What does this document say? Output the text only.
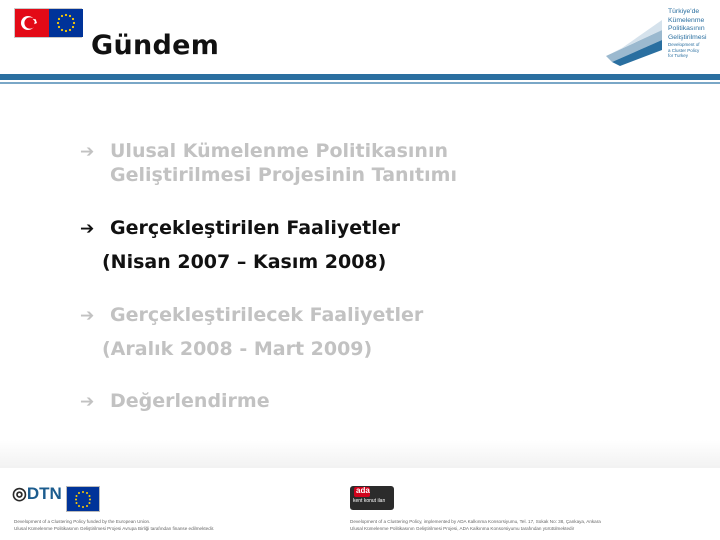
Gündem
Türkiye'de
Kümelenme
Politikasının
Geliştirilmesi
Development of
a Cluster Policy
for Turkey
➔ Ulusal Kümelenme Politikasının
Geliştirilmesi Projesinin Tanıtımı
➔ Gerçekleştirilen Faaliyetler
(Nisan 2007 – Kasım 2008)
➔ Gerçekleştirilecek Faaliyetler
(Aralık 2008 - Mart 2009)
➔ Değerlendirme
◎DTN	ada
kent konut ilan
Development of a Clustering Policy funded by the European Union.
Ulusal Kümelenme Politikasının Geliştirilmesi Projesi Avrupa Birliği tarafından finanse edilmektedir.
Development of a Clustering Policy, implemented by ADA Kalkınma Konsorsiyumu, Tel. 17, Sokak No: 38, Çankaya, Ankara
Ulusal Kümelenme Politikasının Geliştirilmesi Projesi, ADA Kalkınma Konsorsiyumu tarafından yürütülmektedir
